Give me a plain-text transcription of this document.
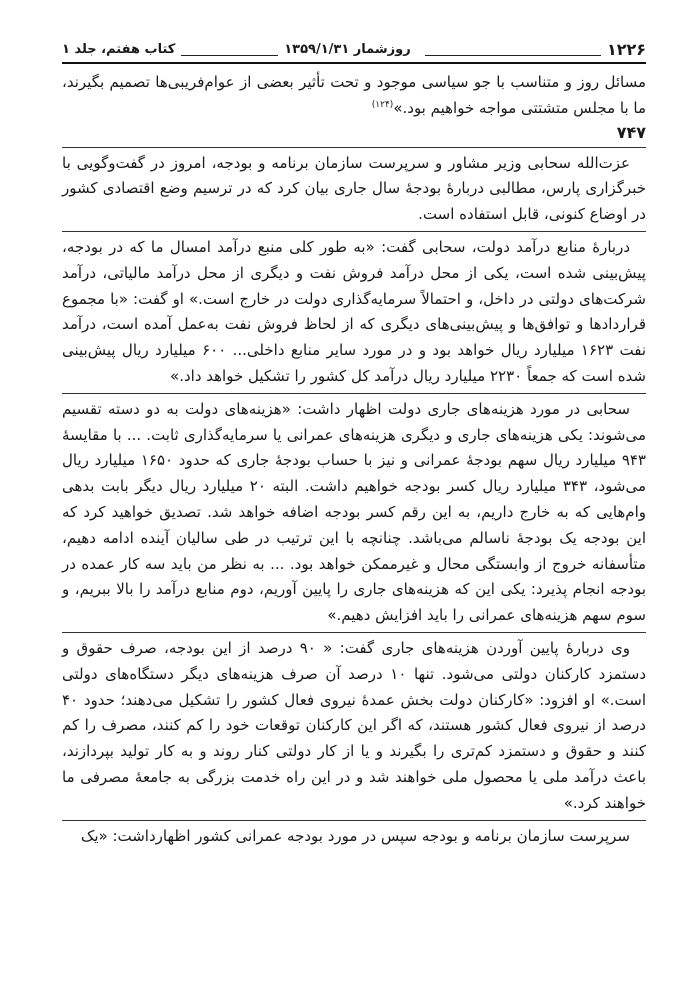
۱۲۲۶
روزشمار ۱۳۵۹/۱/۳۱
کتاب هفتم، جلد ۱

مسائل روز و متناسب با جو سیاسی موجود و تحت تأثیر بعضی از عوام‌فریبی‌ها تصمیم بگیرند، ما با مجلس متشتتی مواجه خواهیم بود.»$^{(۱۲۴)}$

۷۴۷

عزت‌الله سحابی وزیر مشاور و سرپرست سازمان برنامه و بودجه، امروز در گفت‌وگویی با خبرگزاری پارس، مطالبی دربارهٔ بودجهٔ سال جاری بیان کرد که در ترسیم وضع اقتصادی کشور در اوضاع کنونی، قابل استفاده است.

دربارهٔ منابع درآمد دولت، سحابی گفت: «به طور کلی منبع درآمد امسال ما که در بودجه، پیش‌بینی شده است، یکی از محل درآمد فروش نفت و دیگری از محل درآمد مالیاتی، درآمد شرکت‌های دولتی در داخل، و احتمالاً سرمایه‌گذاری دولت در خارج است.» او گفت: «با مجموع قراردادها و توافق‌ها و پیش‌بینی‌های دیگری که از لحاظ فروش نفت به‌عمل آمده است، درآمد نفت ۱۶۲۳ میلیارد ریال خواهد بود و در مورد سایر منابع داخلی... ۶۰۰ میلیارد ریال پیش‌بینی شده است که جمعاً ۲۲۳۰ میلیارد ریال درآمد کل کشور را تشکیل خواهد داد.»

سحابی در مورد هزینه‌های جاری دولت اظهار داشت: «هزینه‌های دولت به دو دسته تقسیم می‌شوند: یکی هزینه‌های جاری و دیگری هزینه‌های عمرانی یا سرمایه‌گذاری ثابت. ... با مقایسهٔ ۹۴۳ میلیارد ریال سهم بودجهٔ عمرانی و نیز با حساب بودجهٔ جاری که حدود ۱۶۵۰ میلیارد ریال می‌شود، ۳۴۳ میلیارد ریال کسر بودجه خواهیم داشت. البته ۲۰ میلیارد ریال دیگر بابت بدهی وام‌هایی که به خارج داریم، به این رقم کسر بودجه اضافه خواهد شد. تصدیق خواهید کرد که این بودجه یک بودجهٔ ناسالم می‌باشد. چنانچه با این ترتیب در طی سالیان آینده ادامه دهیم، متأسفانه خروج از وابستگی محال و غیرممکن خواهد بود. ... به نظر من باید سه کار عمده در بودجه انجام پذیرد: یکی این که هزینه‌های جاری را پایین آوریم، دوم منابع درآمد را بالا ببریم، و سوم سهم هزینه‌های عمرانی را باید افزایش دهیم.»

وی دربارهٔ پایین آوردن هزینه‌های جاری گفت: « ۹۰ درصد از این بودجه، صرف حقوق و دستمزد کارکنان دولتی می‌شود. تنها ۱۰ درصد آن صرف هزینه‌های دیگر دستگاه‌های دولتی است.» او افزود: «کارکنان دولت بخش عمدهٔ نیروی فعال کشور را تشکیل می‌دهند؛ حدود ۴۰ درصد از نیروی فعال کشور هستند، که اگر این کارکنان توقعات خود را کم کنند، مصرف را کم کنند و حقوق و دستمزد کم‌تری را بگیرند و یا از کار دولتی کنار روند و به کار تولید بپردازند، باعث درآمد ملی یا محصول ملی خواهند شد و در این راه خدمت بزرگی به جامعهٔ مصرفی ما خواهند کرد.»

سرپرست سازمان برنامه و بودجه سپس در مورد بودجه عمرانی کشور اظهارداشت: «یک
